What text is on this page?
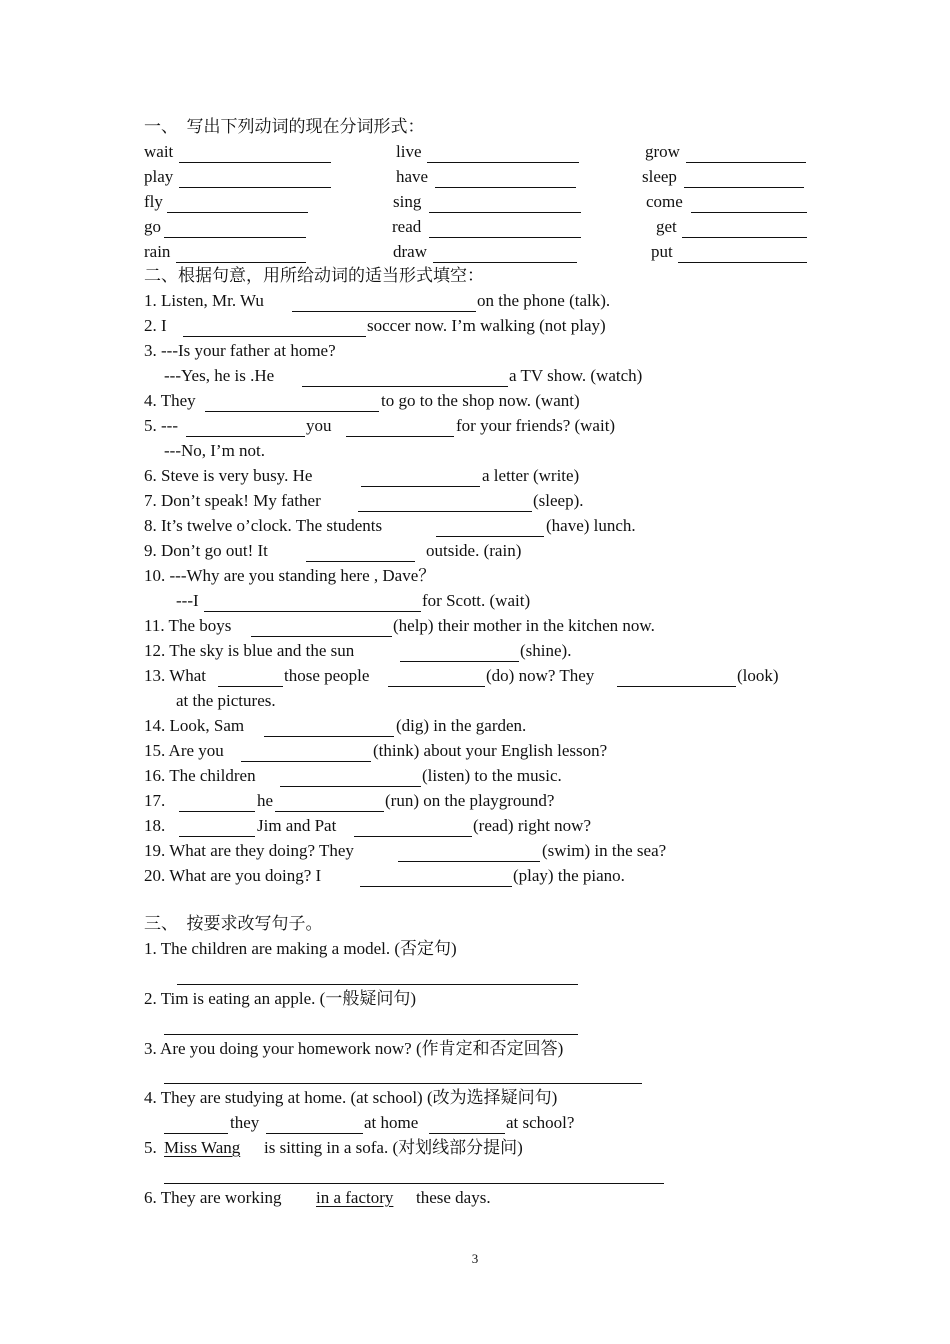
一、　写出下列动词的现在分词形式：
wait	live	grow
play	have	sleep
fly	sing	come
go	read	get
rain	draw	put
二、根据句意，用所给动词的适当形式填空：
1. Listen, Mr. Wu	on the phone (talk).
2. I	soccer now. I’m walking (not play)
3. ---Is your father at home?
---Yes, he is .He	a TV show. (watch)
4. They	to go to the shop now. (want)
5. ---	you	for your friends? (wait)
---No, I’m not.
6. Steve is very busy. He	a letter (write)
7. Don’t speak! My father	(sleep).
8. It’s twelve o’clock. The students	(have) lunch.
9. Don’t go out! It	outside. (rain)
10. ---Why are you standing here , Dave？
---I	for Scott. (wait)
11. The boys	(help) their mother in the kitchen now.
12. The sky is blue and the sun	(shine).
13. What	those people	(do) now? They	(look)
at the pictures.
14. Look, Sam	(dig) in the garden.
15. Are you	(think) about your English lesson?
16. The children	(listen) to the music.
17.	he	(run) on the playground?
18.	Jim and Pat	(read) right now?
19. What are they doing? They	(swim) in the sea?
20. What are you doing? I	(play) the piano.
三、　按要求改写句子。
1. The children are making a model. (否定句)
2. Tim is eating an apple. (一般疑问句)
3. Are you doing your homework now? (作肯定和否定回答)
4. They are studying at home. (at school) (改为选择疑问句)
they	at home	at school?
5. Miss Wang is sitting in a sofa. (对划线部分提问)
6. They are working in a factory these days.
3
